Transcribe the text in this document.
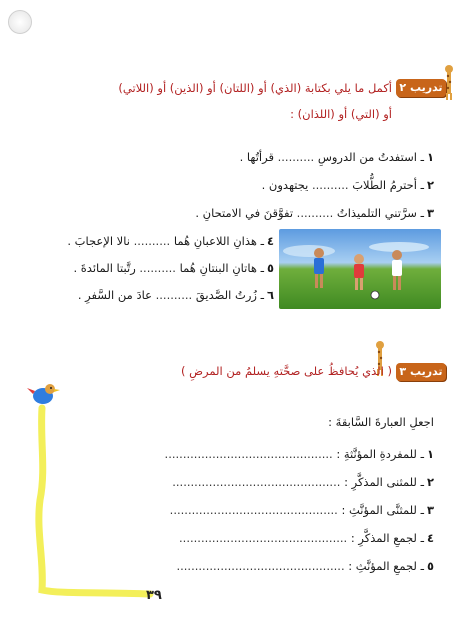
تدريب ٢
أكمل ما يلي بكتابة (الذي) أو (اللتان) أو (الذين) أو (اللاتي)
أو (التي) أو (اللذان) :
١ـ استفدتُ من الدروسِ .......... قرأتُها .
٢ـ أحترمُ الطُّلابَ .......... يجتهدون .
٣ـ سرَّتني التلميذاتُ .......... تفوَّقنَ في الامتحانِ .
٤ـ هذانِ اللاعبانِ هُما .......... نالا الإعجابَ .
٥ـ هاتانِ البنتانِ هُما .......... رتَّبتا المائدةَ .
٦ـ زُرتُ الصَّديقَ .......... عادَ من السَّفرِ .
تدريب ٣
( الذي يُحافظُ على صحَّتهِ يسلمُ من المرضِ )
اجعلِ العبارةَ السَّابقةَ :
١ـ للمفردةِ المؤنَّثةِ : ..............................................
٢ـ للمثنى المذكَّرِ : ..............................................
٣ـ للمثنَّى المؤنَّثِ : ..............................................
٤ـ لجمعِ المذكَّرِ : ..............................................
٥ـ لجمعِ المؤنَّثِ : ..............................................
٣٩
